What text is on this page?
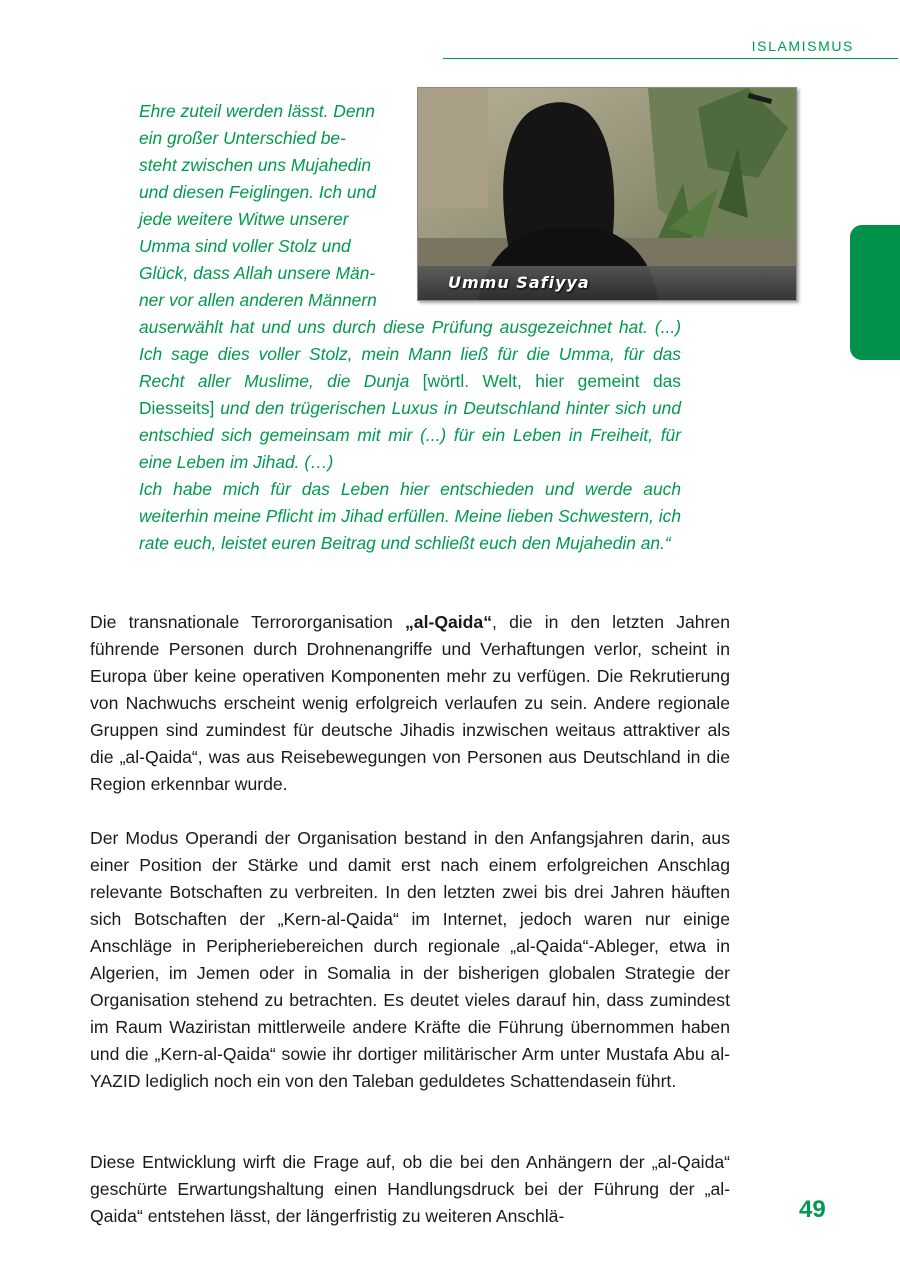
ISLAMISMUS
Ummu Safiyya
Ehre zuteil werden lässt. Denn
ein großer Unterschied be-
steht zwischen uns Mujahedin
und diesen Feiglingen. Ich und
jede weitere Witwe unserer
Umma sind voller Stolz und
Glück, dass Allah unsere Män-
ner vor allen anderen Männern

auserwählt hat und uns durch diese Prüfung ausgezeichnet hat. (...) Ich sage dies voller Stolz, mein Mann ließ für die Umma, für das Recht aller Muslime, die Dunja [wörtl. Welt, hier gemeint das Diesseits] und den trügerischen Luxus in Deutschland hinter sich und entschied sich gemeinsam mit mir (...) für ein Leben in Freiheit, für eine Leben im Jihad. (…)

Ich habe mich für das Leben hier entschieden und werde auch weiterhin meine Pflicht im Jihad erfüllen. Meine lieben Schwestern, ich rate euch, leistet euren Beitrag und schließt euch den Mujahedin an.“

Die transnationale Terrororganisation „al-Qaida“, die in den letzten Jahren führende Personen durch Drohnenangriffe und Verhaftungen verlor, scheint in Europa über keine operativen Komponenten mehr zu verfügen. Die Rekrutierung von Nachwuchs erscheint wenig erfolgreich verlaufen zu sein. Andere regionale Gruppen sind zumindest für deutsche Jihadis inzwischen weitaus attraktiver als die „al-Qaida“, was aus Reisebewegungen von Personen aus Deutschland in die Region erkennbar wurde.

Der Modus Operandi der Organisation bestand in den Anfangsjahren darin, aus einer Position der Stärke und damit erst nach einem erfolgreichen Anschlag relevante Botschaften zu verbreiten. In den letzten zwei bis drei Jahren häuften sich Botschaften der „Kern-al-Qaida“ im Internet, jedoch waren nur einige Anschläge in Peripheriebereichen durch regionale „al-Qaida“-Ableger, etwa in Algerien, im Jemen oder in Somalia in der bisherigen globalen Strategie der Organisation stehend zu betrachten. Es deutet vieles darauf hin, dass zumindest im Raum Waziristan mittlerweile andere Kräfte die Führung übernommen haben und die „Kern-al-Qaida“ sowie ihr dortiger militärischer Arm unter Mustafa Abu al-YAZID lediglich noch ein von den Taleban geduldetes Schattendasein führt.

Diese Entwicklung wirft die Frage auf, ob die bei den Anhängern der „al-Qaida“ geschürte Erwartungshaltung einen Handlungsdruck bei der Führung der „al-Qaida“ entstehen lässt, der längerfristig zu weiteren Anschlä-	49
